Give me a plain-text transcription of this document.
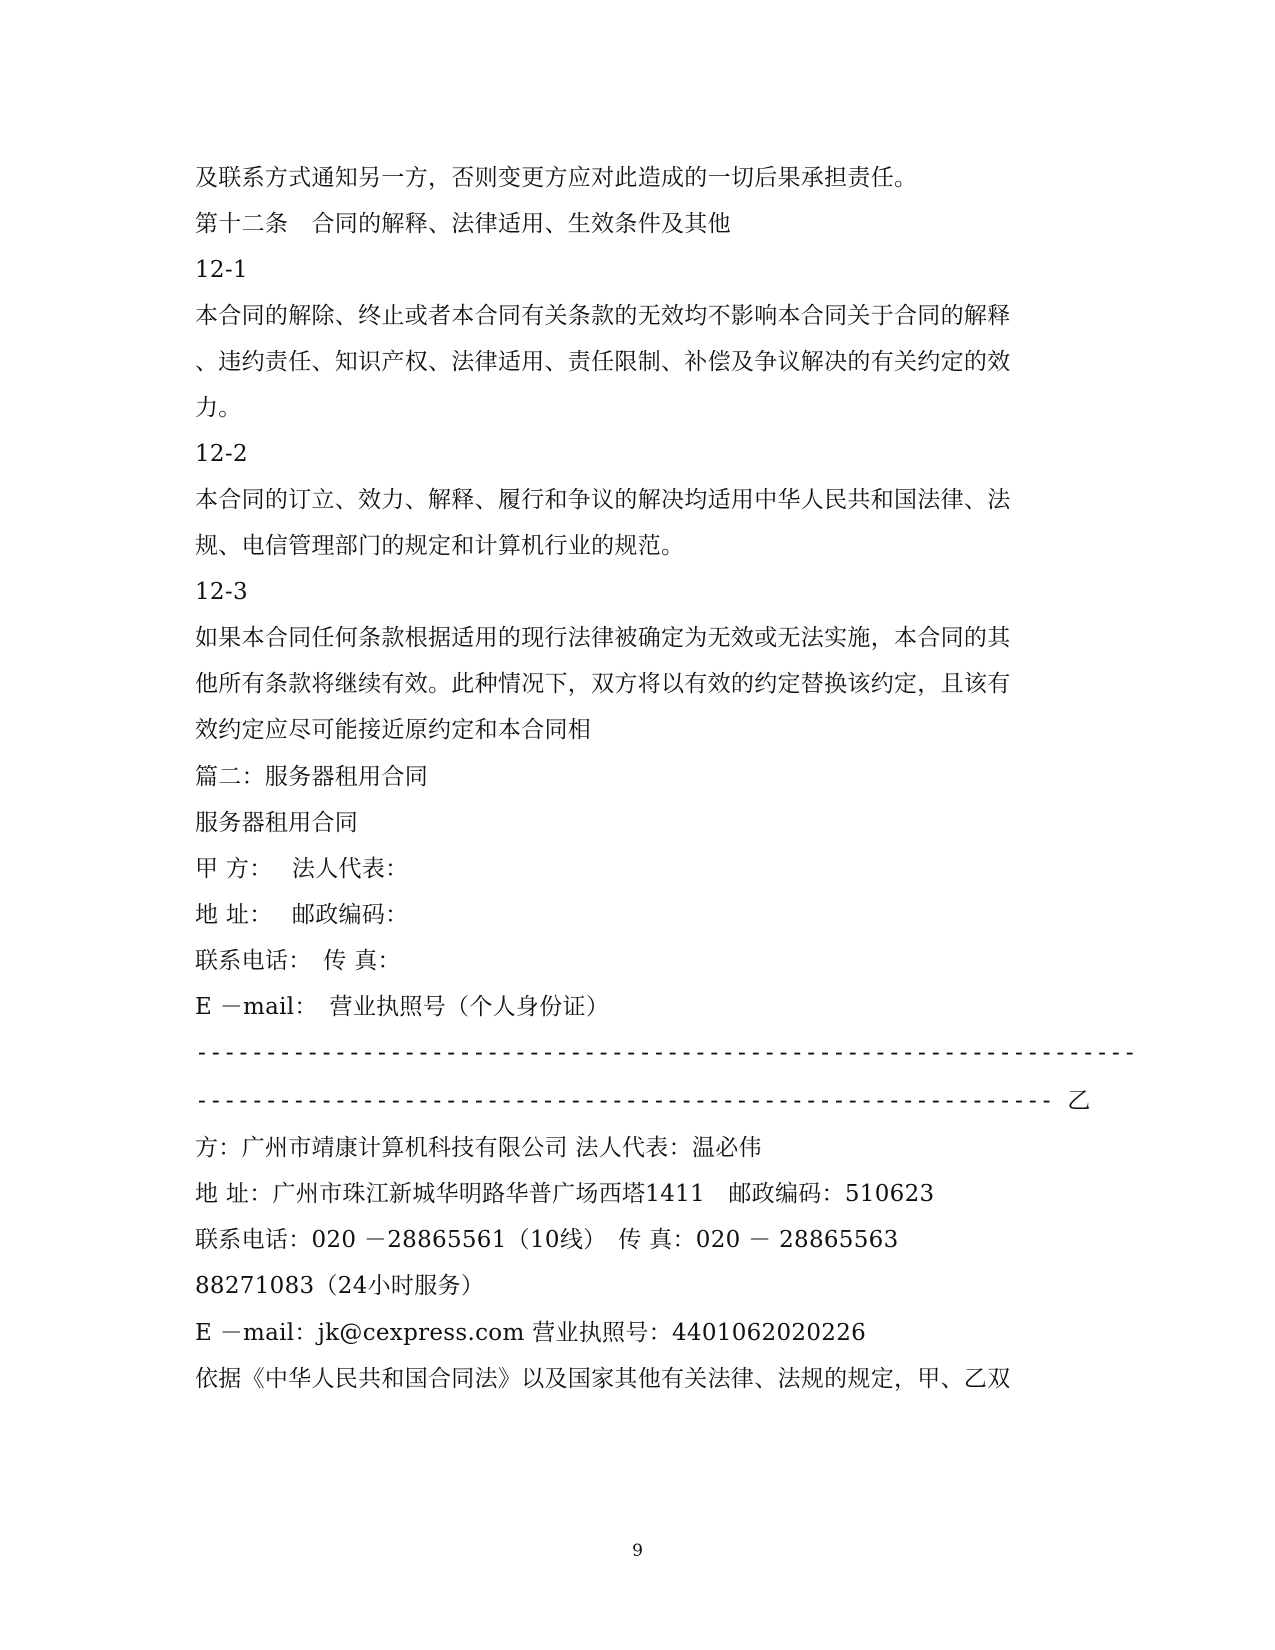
及联系方式通知另一方，否则变更方应对此造成的一切后果承担责任。
第十二条　合同的解释、法律适用、生效条件及其他
12-1
本合同的解除、终止或者本合同有关条款的无效均不影响本合同关于合同的解释
、违约责任、知识产权、法律适用、责任限制、补偿及争议解决的有关约定的效
力。
12-2
本合同的订立、效力、解释、履行和争议的解决均适用中华人民共和国法律、法
规、电信管理部门的规定和计算机行业的规范。
12-3
如果本合同任何条款根据适用的现行法律被确定为无效或无法实施，本合同的其
他所有条款将继续有效。此种情况下，双方将以有效的约定替换该约定，且该有
效约定应尽可能接近原约定和本合同相
篇二：服务器租用合同
服务器租用合同
甲 方：　 法人代表：
地 址：　 邮政编码：
联系电话：　传 真：
E －mail：　营业执照号（个人身份证）
--------------------------------------------------------------------
-------------------------------------------------------------- 乙
方：广州市靖康计算机科技有限公司 法人代表：温必伟
地 址：广州市珠江新城华明路华普广场西塔1411　邮政编码：510623
联系电话：020 －28865561（10线）　传 真：020 － 28865563
88271083（24小时服务）
E －mail：jk@cexpress.com 营业执照号：4401062020226
依据《中华人民共和国合同法》以及国家其他有关法律、法规的规定，甲、乙双
9
